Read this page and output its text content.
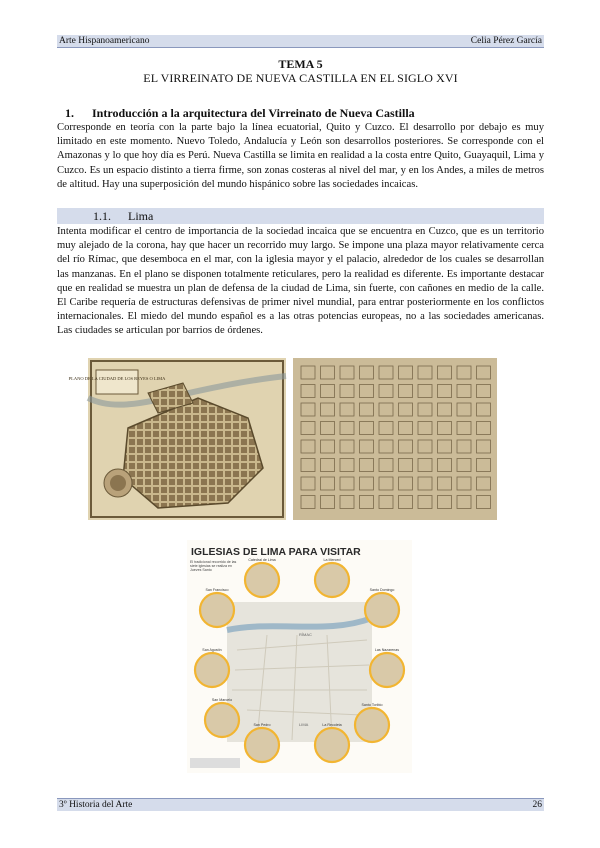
Arte Hispanoamericano	Celia Pérez García
TEMA 5
EL VIRREINATO DE NUEVA CASTILLA EN EL SIGLO XVI
1. Introducción a la arquitectura del Virreinato de Nueva Castilla

Corresponde en teoría con la parte bajo la línea ecuatorial, Quito y Cuzco. El desarrollo por debajo es muy limitado en este momento. Nuevo Toledo, Andalucía y León son desarrollos posteriores. Se corresponde con el Amazonas y lo que hoy día es Perú. Nueva Castilla se limita en realidad a la costa entre Quito, Guayaquil, Lima y Cuzco. Es un espacio distinto a tierra firme, son zonas costeras al nivel del mar, y en los Andes, a miles de metros de altitud. Hay una superposición del mundo hispánico sobre las sociedades incaicas.

1.1. Lima

Intenta modificar el centro de importancia de la sociedad incaica que se encuentra en Cuzco, que es un territorio muy alejado de la corona, hay que hacer un recorrido muy largo. Se impone una plaza mayor relativamente cerca del río Rímac, que desemboca en el mar, con la iglesia mayor y el palacio, alrededor de los cuales se desarrollan las manzanas. En el plano se disponen totalmente reticulares, pero la realidad es diferente. Es importante destacar que en realidad se muestra un plan de defensa de la ciudad de Lima, sin fuerte, con cañones en medio de la calle. El Caribe requería de estructuras defensivas de primer nivel mundial, para entrar posteriormente en los conflictos internacionales. El miedo del mundo español es a las otras potencias europeas, no a las sociedades americanas. Las ciudades se articulan por barrios de órdenes.

PLANO DE LA CIUDAD DE LOS REYES O LIMA
IGLESIAS DE LIMA PARA VISITAR
El tradicional recorrido de las siete iglesias se realiza en Jueves Santo
RÍMAC
LIMA
Catedral de Lima	La Merced
San Francisco	Santo Domingo
San Agustín	Las Nazarenas
San Marcelo
Santo Toribio
San Pedro	La Recoleta
3º Historia del Arte	26
